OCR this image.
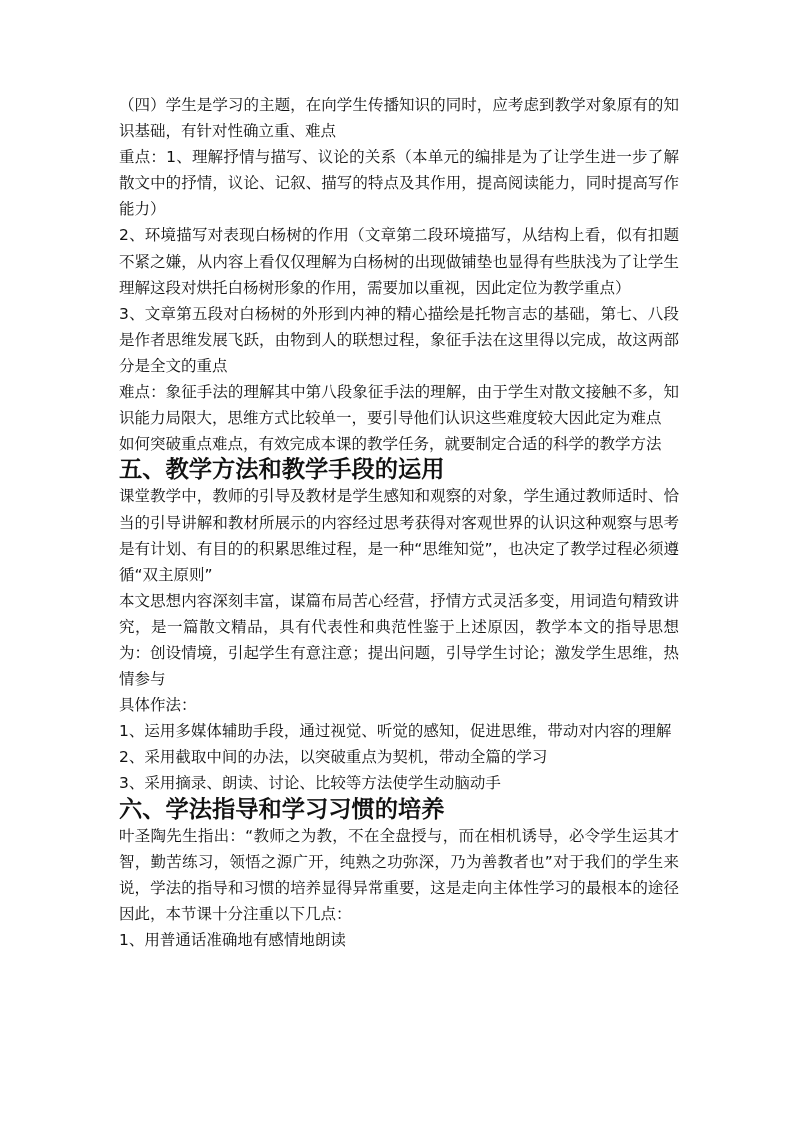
（四）学生是学习的主题，在向学生传播知识的同时，应考虑到教学对象原有的知识基础，有针对性确立重、难点

重点：1、理解抒情与描写、议论的关系（本单元的编排是为了让学生进一步了解散文中的抒情，议论、记叙、描写的特点及其作用，提高阅读能力，同时提高写作能力）

2、环境描写对表现白杨树的作用（文章第二段环境描写，从结构上看，似有扣题不紧之嫌，从内容上看仅仅理解为白杨树的出现做铺垫也显得有些肤浅为了让学生理解这段对烘托白杨树形象的作用，需要加以重视，因此定位为教学重点）

3、文章第五段对白杨树的外形到内神的精心描绘是托物言志的基础，第七、八段是作者思维发展飞跃，由物到人的联想过程，象征手法在这里得以完成，故这两部分是全文的重点

难点：象征手法的理解其中第八段象征手法的理解，由于学生对散文接触不多，知识能力局限大，思维方式比较单一，要引导他们认识这些难度较大因此定为难点

如何突破重点难点，有效完成本课的教学任务，就要制定合适的科学的教学方法

五、教学方法和教学手段的运用

课堂教学中，教师的引导及教材是学生感知和观察的对象，学生通过教师适时、恰当的引导讲解和教材所展示的内容经过思考获得对客观世界的认识这种观察与思考是有计划、有目的的积累思维过程，是一种“思维知觉”，也决定了教学过程必须遵循“双主原则”

本文思想内容深刻丰富，谋篇布局苦心经营，抒情方式灵活多变，用词造句精致讲究，是一篇散文精品，具有代表性和典范性鉴于上述原因，教学本文的指导思想为：创设情境，引起学生有意注意；提出问题，引导学生讨论；激发学生思维，热情参与

具体作法：

1、运用多媒体辅助手段，通过视觉、听觉的感知，促进思维，带动对内容的理解

2、采用截取中间的办法，以突破重点为契机，带动全篇的学习

3、采用摘录、朗读、讨论、比较等方法使学生动脑动手

六、学法指导和学习习惯的培养

叶圣陶先生指出：“教师之为教，不在全盘授与，而在相机诱导，必令学生运其才智，勤苦练习，领悟之源广开，纯熟之功弥深，乃为善教者也”对于我们的学生来说，学法的指导和习惯的培养显得异常重要，这是走向主体性学习的最根本的途径因此，本节课十分注重以下几点：

1、用普通话准确地有感情地朗读
